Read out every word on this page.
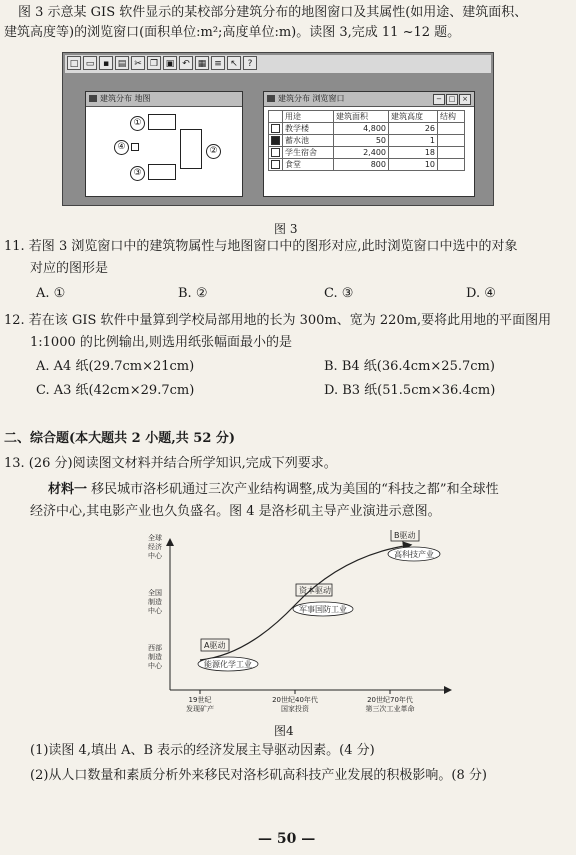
图 3 示意某 GIS 软件显示的某校部分建筑分布的地图窗口及其属性(如用途、建筑面积、
建筑高度等)的浏览窗口(面积单位:m²;高度单位:m)。读图 3,完成 11 ~12 题。
□ ▭ ▪ ▤ ✂ ❐ ▣ ↶ ▦ ≡ ↖	?
建筑分布 地图
①
④	②
③
建筑分布 浏览窗口	− □ ×
	用途	建筑面积	建筑高度	结构
	教学楼	4,800	26	
	蓄水池	50	1	
	学生宿舍	2,400	18	
	食堂	800	10	
图 3
11. 若图 3 浏览窗口中的建筑物属性与地图窗口中的图形对应,此时浏览窗口中选中的对象
对应的图形是
A. ①	B. ②	C. ③	D. ④
12. 若在该 GIS 软件中量算到学校局部用地的长为 300m、宽为 220m,要将此用地的平面图用
1:1000 的比例输出,则选用纸张幅面最小的是
A. A4 纸(29.7cm×21cm)	B. B4 纸(36.4cm×25.7cm)
C. A3 纸(42cm×29.7cm)	D. B3 纸(51.5cm×36.4cm)
二、综合题(本大题共 2 小题,共 52 分)
13. (26 分)阅读图文材料并结合所学知识,完成下列要求。
材料一 移民城市洛杉矶通过三次产业结构调整,成为美国的“科技之都”和全球性
经济中心,其电影产业也久负盛名。图 4 是洛杉矶主导产业演进示意图。
西部制造中心
全国制造中心
全球经济中心
19世纪发现矿产
20世纪40年代国家投资
20世纪70年代第三次工业革命
A驱动
能源化学工业
资本驱动
军事国防工业
B驱动
高科技产业
图4
(1)读图 4,填出 A、B 表示的经济发展主导驱动因素。(4 分)
(2)从人口数量和素质分析外来移民对洛杉矶高科技产业发展的积极影响。(8 分)
— 50 —
